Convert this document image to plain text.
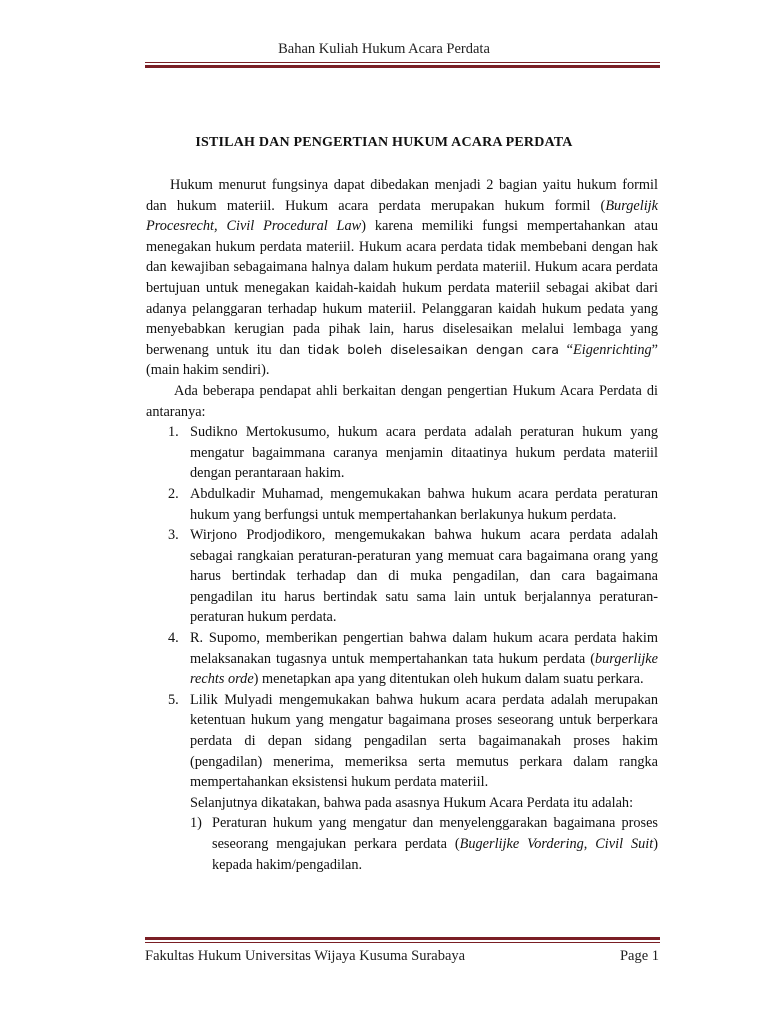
Bahan Kuliah Hukum Acara Perdata
ISTILAH DAN PENGERTIAN HUKUM ACARA PERDATA

Hukum menurut fungsinya dapat dibedakan menjadi 2 bagian yaitu hukum formil dan hukum materiil. Hukum acara perdata merupakan hukum formil (Burgelijk Procesrecht, Civil Procedural Law) karena memiliki fungsi mempertahankan atau menegakan hukum perdata materiil. Hukum acara perdata tidak membebani dengan hak dan kewajiban sebagaimana halnya dalam hukum perdata materiil. Hukum acara perdata bertujuan untuk menegakan kaidah-kaidah hukum perdata materiil sebagai akibat dari adanya pelanggaran terhadap hukum materiil. Pelanggaran kaidah hukum pedata yang menyebabkan kerugian pada pihak lain, harus diselesaikan melalui lembaga yang berwenang untuk itu dan tidak boleh diselesaikan dengan cara “Eigenrichting” (main hakim sendiri).

Ada beberapa pendapat ahli berkaitan dengan pengertian Hukum Acara Perdata di antaranya:

1. Sudikno Mertokusumo, hukum acara perdata adalah peraturan hukum yang mengatur bagaimmana caranya menjamin ditaatinya hukum perdata materiil dengan perantaraan hakim.
2. Abdulkadir Muhamad, mengemukakan bahwa hukum acara perdata peraturan hukum yang berfungsi untuk mempertahankan berlakunya hukum perdata.
3. Wirjono Prodjodikoro, mengemukakan bahwa hukum acara perdata adalah sebagai rangkaian peraturan-peraturan yang memuat cara bagaimana orang yang harus bertindak terhadap dan di muka pengadilan, dan cara bagaimana pengadilan itu harus bertindak satu sama lain untuk berjalannya peraturan-peraturan hukum perdata.
4. R. Supomo, memberikan pengertian bahwa dalam hukum acara perdata hakim melaksanakan tugasnya untuk mempertahankan tata hukum perdata (burgerlijke rechts orde) menetapkan apa yang ditentukan oleh hukum dalam suatu perkara.
5. Lilik Mulyadi mengemukakan bahwa hukum acara perdata adalah merupakan ketentuan hukum yang mengatur bagaimana proses seseorang untuk berperkara perdata di depan sidang pengadilan serta bagaimanakah proses hakim (pengadilan) menerima, memeriksa serta memutus perkara dalam rangka mempertahankan eksistensi hukum perdata materiil.

Selanjutnya dikatakan, bahwa pada asasnya Hukum Acara Perdata itu adalah:

1) Peraturan hukum yang mengatur dan menyelenggarakan bagaimana proses seseorang mengajukan perkara perdata (Bugerlijke Vordering, Civil Suit) kepada hakim/pengadilan.
Fakultas Hukum Universitas Wijaya Kusuma Surabaya	Page 1
